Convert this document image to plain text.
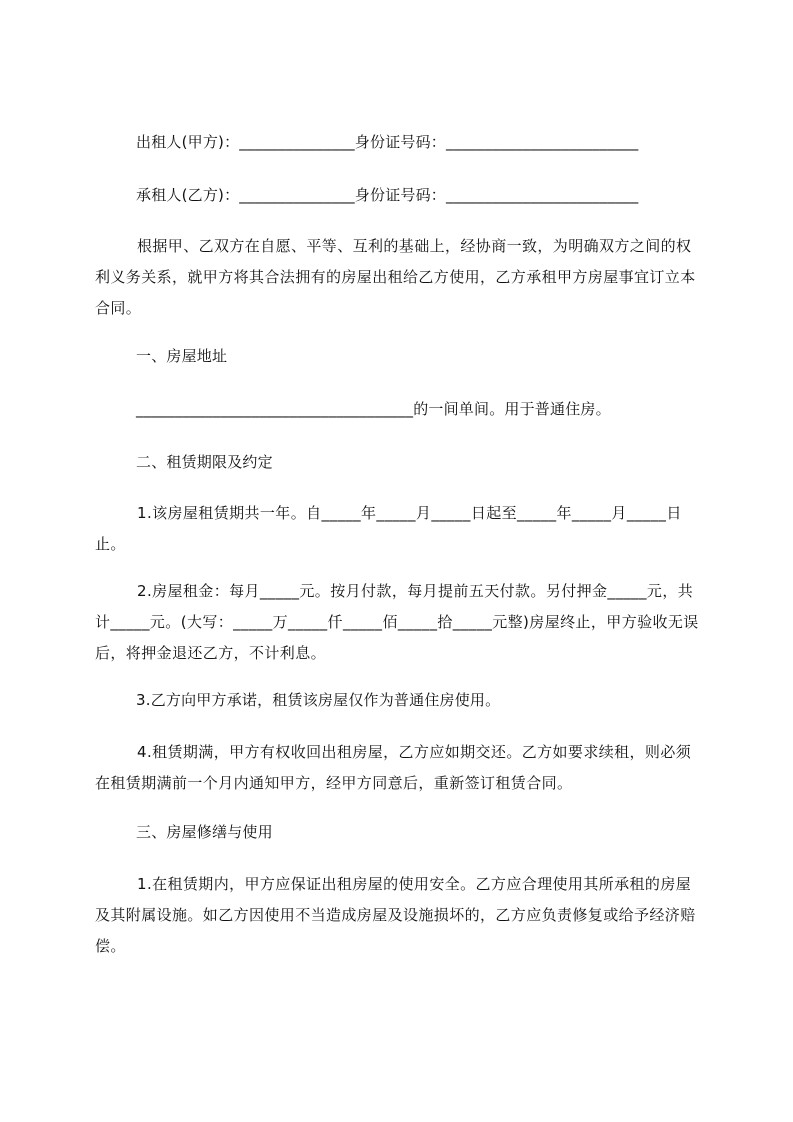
出租人(甲方)：_______________身份证号码：_________________________
承租人(乙方)：_______________身份证号码：_________________________
根据甲、乙双方在自愿、平等、互利的基础上，经协商一致，为明确双方之间的权利义务关系，就甲方将其合法拥有的房屋出租给乙方使用，乙方承租甲方房屋事宜订立本合同。
一、房屋地址
____________________________________的一间单间。用于普通住房。
二、租赁期限及约定
1.该房屋租赁期共一年。自_____年_____月_____日起至_____年_____月_____日止。
2.房屋租金：每月_____元。按月付款，每月提前五天付款。另付押金_____元，共计_____元。(大写：_____万_____仟_____佰_____拾_____元整)房屋终止，甲方验收无误后，将押金退还乙方，不计利息。
3.乙方向甲方承诺，租赁该房屋仅作为普通住房使用。
4.租赁期满，甲方有权收回出租房屋，乙方应如期交还。乙方如要求续租，则必须在租赁期满前一个月内通知甲方，经甲方同意后，重新签订租赁合同。
三、房屋修缮与使用
1.在租赁期内，甲方应保证出租房屋的使用安全。乙方应合理使用其所承租的房屋及其附属设施。如乙方因使用不当造成房屋及设施损坏的，乙方应负责修复或给予经济赔偿。
